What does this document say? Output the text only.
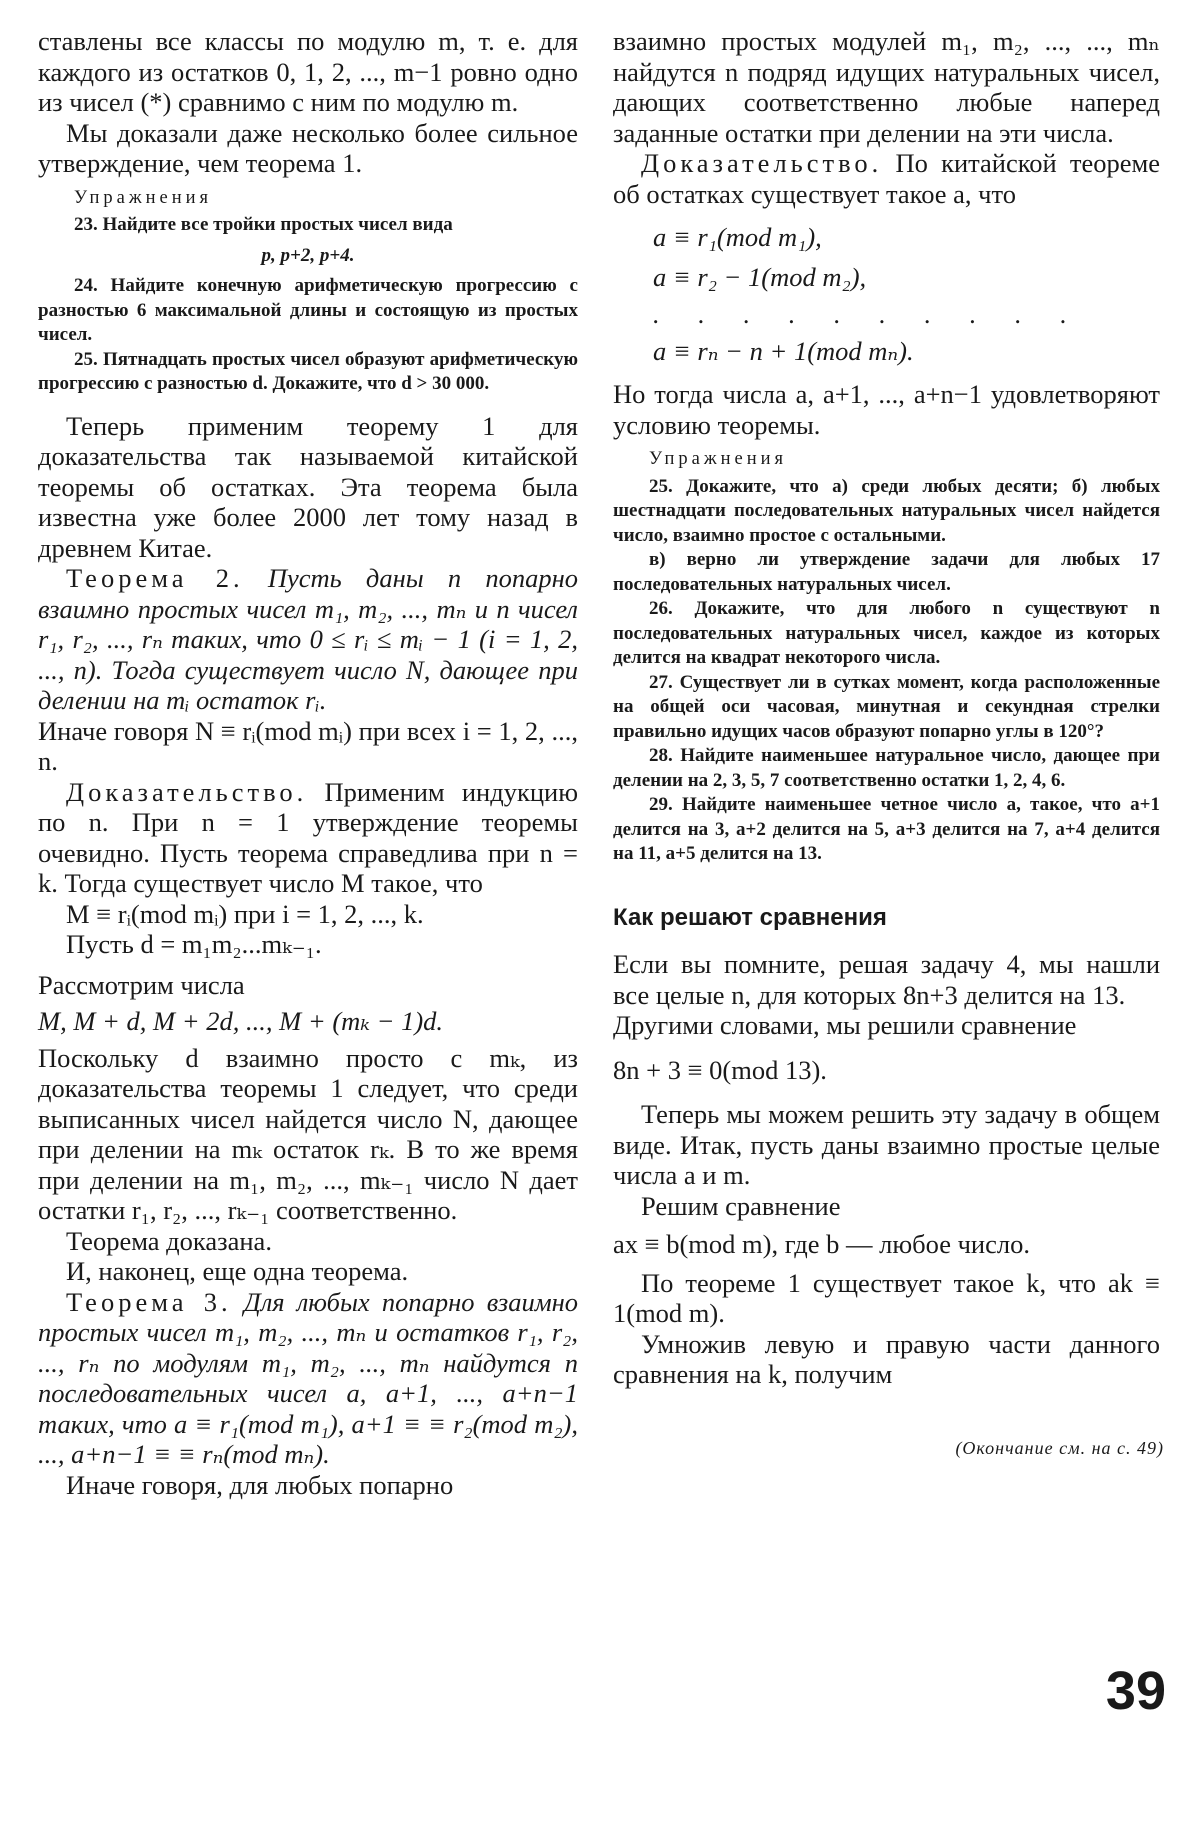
ставлены все классы по модулю m, т. е. для каждого из остатков 0, 1, 2, ..., m−1 ровно одно из чисел (*) сравнимо с ним по модулю m.

Мы доказали даже несколько более сильное утверждение, чем теорема 1.

Упражнения

23. Найдите все тройки простых чисел вида

p, p+2, p+4.

24. Найдите конечную арифметическую прогрессию с разностью 6 максимальной длины и состоящую из простых чисел.

25. Пятнадцать простых чисел образуют арифметическую прогрессию с разностью d. Докажите, что d > 30 000.

Теперь применим теорему 1 для доказательства так называемой китайской теоремы об остатках. Эта теорема была известна уже более 2000 лет тому назад в древнем Китае.

Теорема 2. Пусть даны n попарно взаимно простых чисел m₁, m₂, ..., mₙ и n чисел r₁, r₂, ..., rₙ таких, что 0 ≤ rᵢ ≤ mᵢ − 1 (i = 1, 2, ..., n). Тогда существует число N, дающее при делении на mᵢ остаток rᵢ.

Иначе говоря N ≡ rᵢ(mod mᵢ) при всех i = 1, 2, ..., n.

Доказательство. Применим индукцию по n. При n = 1 утверждение теоремы очевидно. Пусть теорема справедлива при n = k. Тогда существует число M такое, что

M ≡ rᵢ(mod mᵢ) при i = 1, 2, ..., k.

Пусть d = m₁m₂...mₖ₋₁.

Рассмотрим числа

M, M + d, M + 2d, ..., M + (mₖ − 1)d.

Поскольку d взаимно просто с mₖ, из доказательства теоремы 1 следует, что среди выписанных чисел найдется число N, дающее при делении на mₖ остаток rₖ. В то же время при делении на m₁, m₂, ..., mₖ₋₁ число N дает остатки r₁, r₂, ..., rₖ₋₁ соответственно.

Теорема доказана.

И, наконец, еще одна теорема.

Теорема 3. Для любых попарно взаимно простых чисел m₁, m₂, ..., mₙ и остатков r₁, r₂, ..., rₙ по модулям m₁, m₂, ..., mₙ найдутся n последовательных чисел a, a+1, ..., a+n−1 таких, что a ≡ r₁(mod m₁), a+1 ≡ ≡ r₂(mod m₂), ..., a+n−1 ≡ ≡ rₙ(mod mₙ).

Иначе говоря, для любых попарно

взаимно простых модулей m₁, m₂, ..., ..., mₙ найдутся n подряд идущих натуральных чисел, дающих соответственно любые наперед заданные остатки при делении на эти числа.

Доказательство. По китайской теореме об остатках существует такое a, что

a ≡ r₁(mod m₁),
a ≡ r₂ − 1(mod m₂),
. . . . . . . . . .
a ≡ rₙ − n + 1(mod mₙ).

Но тогда числа a, a+1, ..., a+n−1 удовлетворяют условию теоремы.

Упражнения

25. Докажите, что а) среди любых десяти; б) любых шестнадцати последовательных натуральных чисел найдется число, взаимно простое с остальными.

в) верно ли утверждение задачи для любых 17 последовательных натуральных чисел.

26. Докажите, что для любого n существуют n последовательных натуральных чисел, каждое из которых делится на квадрат некоторого числа.

27. Существует ли в сутках момент, когда расположенные на общей оси часовая, минутная и секундная стрелки правильно идущих часов образуют попарно углы в 120°?

28. Найдите наименьшее натуральное число, дающее при делении на 2, 3, 5, 7 соответственно остатки 1, 2, 4, 6.

29. Найдите наименьшее четное число a, такое, что a+1 делится на 3, a+2 делится на 5, a+3 делится на 7, a+4 делится на 11, a+5 делится на 13.

Как решают сравнения

Если вы помните, решая задачу 4, мы нашли все целые n, для которых 8n+3 делится на 13.

Другими словами, мы решили сравнение

8n + 3 ≡ 0(mod 13).

Теперь мы можем решить эту задачу в общем виде. Итак, пусть даны взаимно простые целые числа a и m.

Решим сравнение

ax ≡ b(mod m), где b — любое число.

По теореме 1 существует такое k, что ak ≡ 1(mod m).

Умножив левую и правую части данного сравнения на k, получим

(Окончание см. на с. 49)
39
